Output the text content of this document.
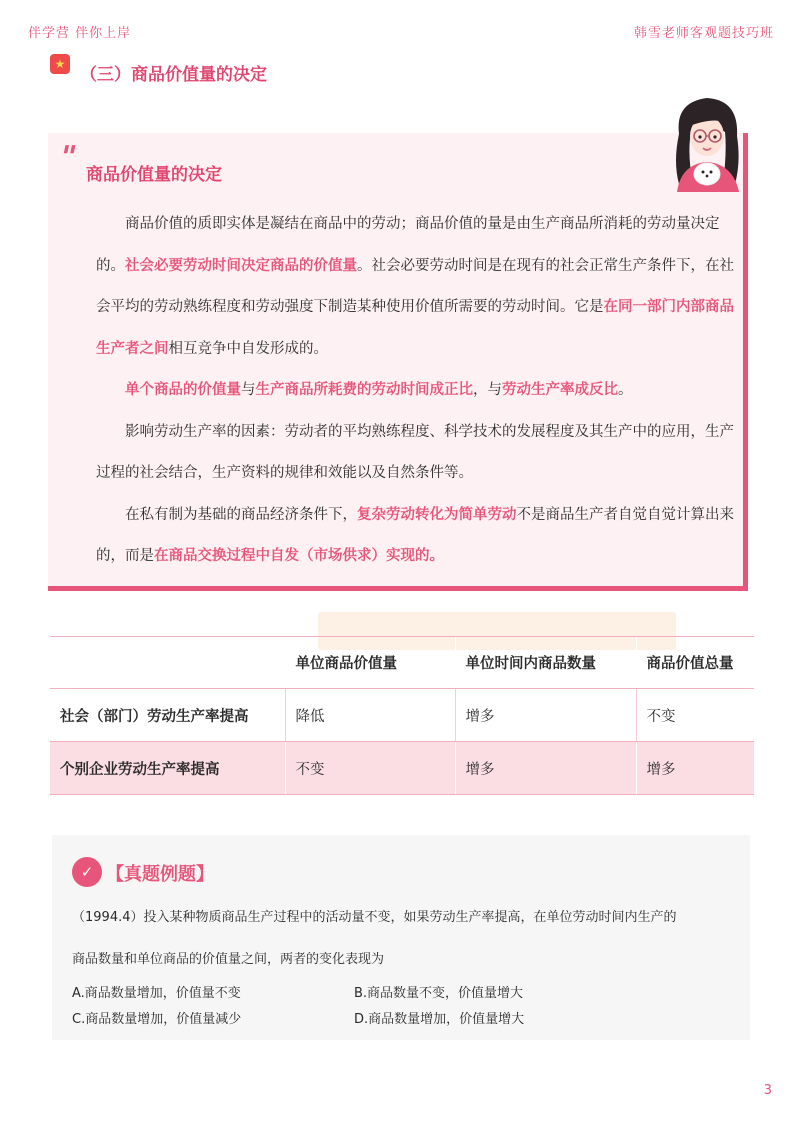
伴学营 伴你上岸	韩雪老师客观题技巧班
★
（三）商品价值量的决定
" 商品价值量的决定

商品价值的质即实体是凝结在商品中的劳动；商品价值的量是由生产商品所消耗的劳动量决定的。社会必要劳动时间决定商品的价值量。社会必要劳动时间是在现有的社会正常生产条件下，在社会平均的劳动熟练程度和劳动强度下制造某种使用价值所需要的劳动时间。它是在同一部门内部商品生产者之间相互竞争中自发形成的。

单个商品的价值量与生产商品所耗费的劳动时间成正比，与劳动生产率成反比。

影响劳动生产率的因素：劳动者的平均熟练程度、科学技术的发展程度及其生产中的应用，生产过程的社会结合，生产资料的规律和效能以及自然条件等。

在私有制为基础的商品经济条件下，复杂劳动转化为简单劳动不是商品生产者自觉自觉计算出来的，而是在商品交换过程中自发（市场供求）实现的。

	单位商品价值量	单位时间内商品数量	商品价值总量
社会（部门）劳动生产率提高	降低	增多	不变
个别企业劳动生产率提高	不变	增多	增多
✓ 【真题例题】
（1994.4）投入某种物质商品生产过程中的活动量不变，如果劳动生产率提高，在单位劳动时间内生产的
商品数量和单位商品的价值量之间，两者的变化表现为
A.商品数量增加，价值量不变	B.商品数量不变，价值量增大
C.商品数量增加，价值量减少	D.商品数量增加，价值量增大
3
